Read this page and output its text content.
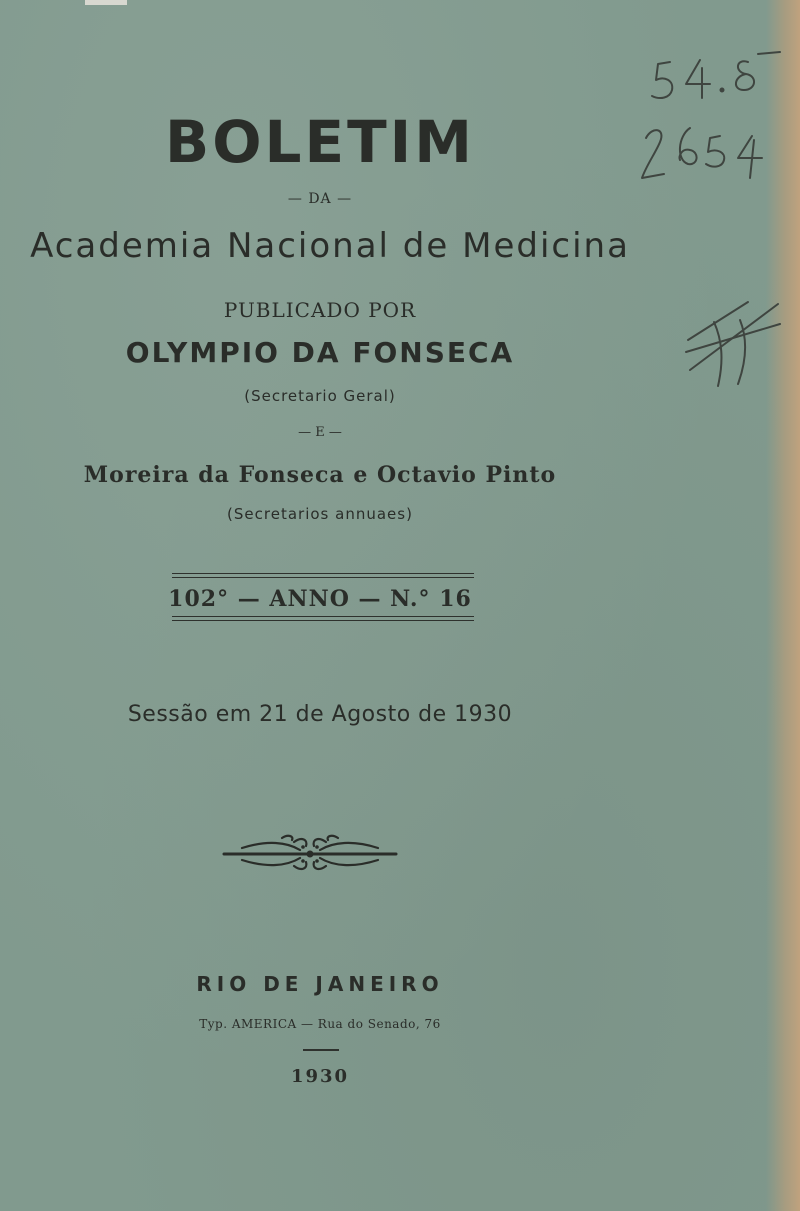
BOLETIM
— DA —
Academia Nacional de Medicina
PUBLICADO POR
OLYMPIO DA FONSECA
(Secretario Geral)
— E —
Moreira da Fonseca e Octavio Pinto
(Secretarios annuaes)
102° — ANNO — N.° 16
Sessão em 21 de Agosto de 1930
RIO DE JANEIRO
Typ. AMERICA — Rua do Senado, 76
1930
